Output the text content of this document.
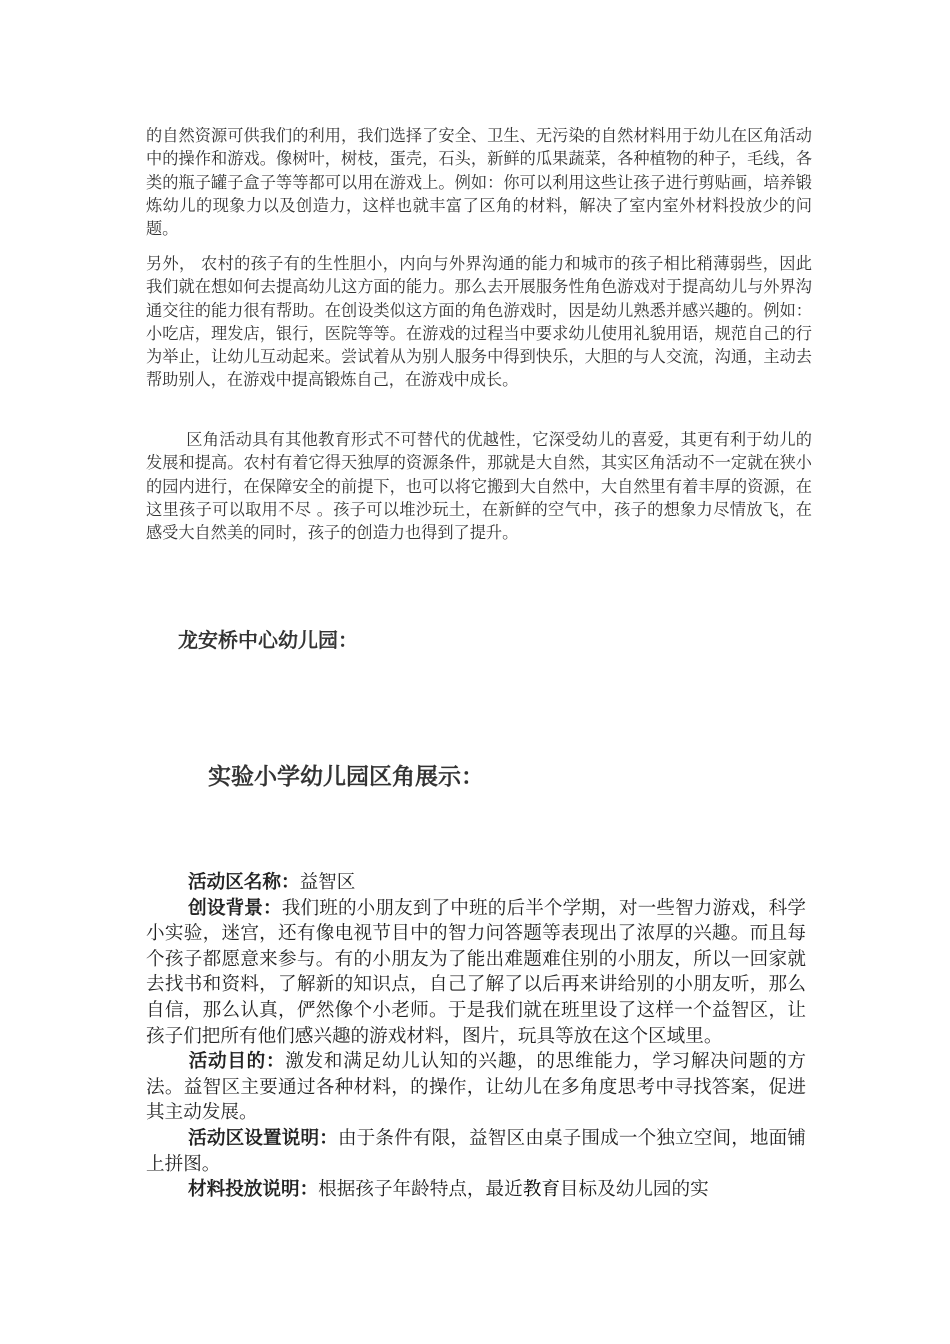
的自然资源可供我们的利用，我们选择了安全、卫生、无污染的自然材料用于幼儿在区角活动中的操作和游戏。像树叶，树枝，蛋壳，石头，新鲜的瓜果蔬菜，各种植物的种子，毛线，各类的瓶子罐子盒子等等都可以用在游戏上。例如：你可以利用这些让孩子进行剪贴画，培养锻炼幼儿的现象力以及创造力，这样也就丰富了区角的材料，解决了室内室外材料投放少的问题。

另外， 农村的孩子有的生性胆小，内向与外界沟通的能力和城市的孩子相比稍薄弱些，因此我们就在想如何去提高幼儿这方面的能力。那么去开展服务性角色游戏对于提高幼儿与外界沟通交往的能力很有帮助。在创设类似这方面的角色游戏时，因是幼儿熟悉并感兴趣的。例如：小吃店，理发店，银行，医院等等。在游戏的过程当中要求幼儿使用礼貌用语，规范自己的行为举止，让幼儿互动起来。尝试着从为别人服务中得到快乐，大胆的与人交流，沟通，主动去帮助别人，在游戏中提高锻炼自己，在游戏中成长。

区角活动具有其他教育形式不可替代的优越性，它深受幼儿的喜爱，其更有利于幼儿的发展和提高。农村有着它得天独厚的资源条件，那就是大自然，其实区角活动不一定就在狭小的园内进行，在保障安全的前提下，也可以将它搬到大自然中，大自然里有着丰厚的资源，在这里孩子可以取用不尽 。孩子可以堆沙玩土，在新鲜的空气中，孩子的想象力尽情放飞，在感受大自然美的同时，孩子的创造力也得到了提升。

龙安桥中心幼儿园：
实验小学幼儿园区角展示：

活动区名称：益智区

创设背景：我们班的小朋友到了中班的后半个学期，对一些智力游戏，科学小实验，迷宫，还有像电视节目中的智力问答题等表现出了浓厚的兴趣。而且每个孩子都愿意来参与。有的小朋友为了能出难题难住别的小朋友，所以一回家就去找书和资料，了解新的知识点，自己了解了以后再来讲给别的小朋友听，那么自信，那么认真，俨然像个小老师。于是我们就在班里设了这样一个益智区，让孩子们把所有他们感兴趣的游戏材料，图片，玩具等放在这个区域里。

活动目的：激发和满足幼儿认知的兴趣，的思维能力，学习解决问题的方法。益智区主要通过各种材料，的操作，让幼儿在多角度思考中寻找答案，促进其主动发展。

活动区设置说明：由于条件有限，益智区由桌子围成一个独立空间，地面铺上拼图。

材料投放说明：根据孩子年龄特点，最近教育目标及幼儿园的实
